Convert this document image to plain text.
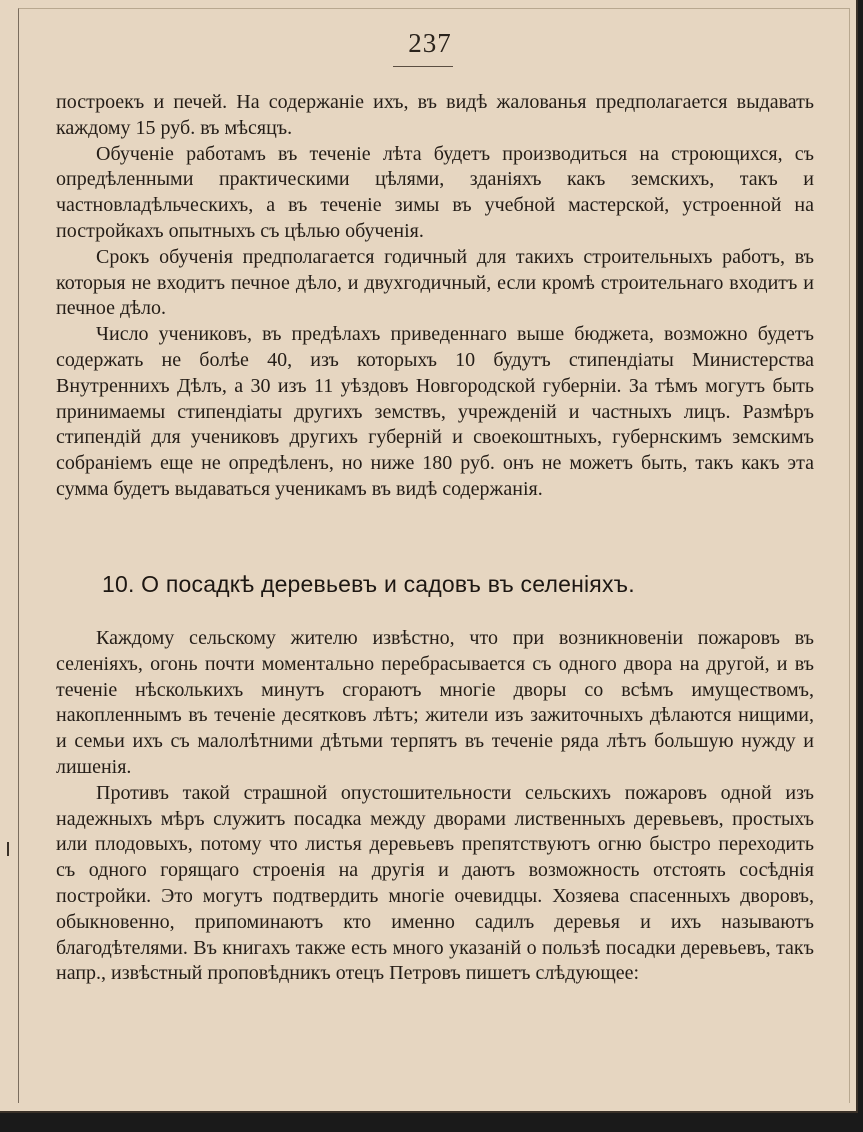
237

построекъ и печей. На содержаніе ихъ, въ видѣ жалованья предполагается выдавать каждому 15 руб. въ мѣсяцъ.

Обученіе работамъ въ теченіе лѣта будетъ производиться на строющихся, съ опредѣленными практическими цѣлями, зданіяхъ какъ земскихъ, такъ и частновладѣльческихъ, а въ теченіе зимы въ учебной мастерской, устроенной на постройкахъ опытныхъ съ цѣлью обученія.

Срокъ обученія предполагается годичный для такихъ строительныхъ работъ, въ которыя не входитъ печное дѣло, и двухгодичный, если кромѣ строительнаго входитъ и печное дѣло.

Число учениковъ, въ предѣлахъ приведеннаго выше бюджета, возможно будетъ содержать не болѣе 40, изъ которыхъ 10 будутъ стипендіаты Министерства Внутреннихъ Дѣлъ, а 30 изъ 11 уѣздовъ Новгородской губерніи. За тѣмъ могутъ быть принимаемы стипендіаты другихъ земствъ, учрежденій и частныхъ лицъ. Размѣръ стипендій для учениковъ другихъ губерній и своекоштныхъ, губернскимъ земскимъ собраніемъ еще не опредѣленъ, но ниже 180 руб. онъ не можетъ быть, такъ какъ эта сумма будетъ выдаваться ученикамъ въ видѣ содержанія.

10. О посадкѣ деревьевъ и садовъ въ селеніяхъ.

Каждому сельскому жителю извѣстно, что при возникновеніи пожаровъ въ селеніяхъ, огонь почти моментально перебрасывается съ одного двора на другой, и въ теченіе нѣсколькихъ минутъ сгораютъ многіе дворы со всѣмъ имуществомъ, накопленнымъ въ теченіе десятковъ лѣтъ; жители изъ зажиточныхъ дѣлаются нищими, и семьи ихъ съ малолѣтними дѣтьми терпятъ въ теченіе ряда лѣтъ большую нужду и лишенія.

Противъ такой страшной опустошительности сельскихъ пожаровъ одной изъ надежныхъ мѣръ служитъ посадка между дворами лиственныхъ деревьевъ, простыхъ или плодовыхъ, потому что листья деревьевъ препятствуютъ огню быстро переходить съ одного горящаго строенія на другія и даютъ возможность отстоять сосѣднія постройки. Это могутъ подтвердить многіе очевидцы. Хозяева спасенныхъ дворовъ, обыкновенно, припоминаютъ кто именно садилъ деревья и ихъ называютъ благодѣтелями. Въ книгахъ также есть много указаній о пользѣ посадки деревьевъ, такъ напр., извѣстный проповѣдникъ отецъ Петровъ пишетъ слѣдующее:
